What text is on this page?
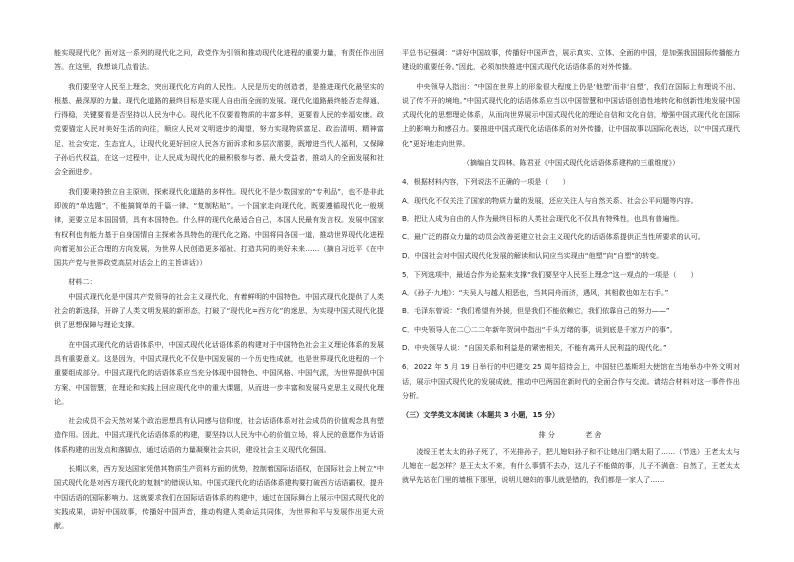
能实现现代化？面对这一系列的现代化之问，政党作为引领和推动现代化进程的重要力量，有责任作出回答。在这里，我想谈几点看法。

我们要坚守人民至上理念，突出现代化方向的人民性。人民是历史的创造者，是推进现代化最坚实的根基、最深厚的力量。现代化道路的最终目标是实现人自由而全面的发展。现代化道路最终能否走得通、行得稳，关键要看是否坚持以人民为中心。现代化不仅要看物质的丰富多样，更要看人民的幸福安康。政党要锚定人民对美好生活的向往，顺应人民对文明进步的渴望，努力实现物质富足、政治清明、精神富足、社会安定、生态宜人，让现代化更好回应人民各方面诉求和多层次需要，既增进当代人福利，又保障子孙后代权益，在这一过程中，让人民成为现代化的最积极参与者、最大受益者，推动人的全面发展和社会全面进步。

我们要秉持独立自主原则，探索现代化道路的多样性。现代化不是少数国家的“专利品”，也不是非此即彼的“单选题”，不能搞简单的千篇一律、“复制粘贴”。一个国家走向现代化，既要遵循现代化一般规律，更要立足本国国情，具有本国特色。什么样的现代化最适合自己，本国人民最有发言权。发展中国家有权利也有能力基于自身国情自主探索各具特色的现代化之路。中国将同各国一道，推动世界现代化进程向着更加公正合理的方向发展，为世界人民创造更多福祉、打造共同的美好未来……（摘自习近平《在中国共产党与世界政党高层对话会上的主旨讲话》）

材料二：

中国式现代化是中国共产党领导的社会主义现代化，有着鲜明的中国特色。中国式现代化提供了人类社会的新选择，开辟了人类文明发展的新形态，打破了“现代化=西方化”的迷思，为实现中国式现代化提供了思想保障与理论支撑。

在中国式现代化的话语体系中，中国式现代化话语体系的构建对于中国特色社会主义理论体系的发展具有重要意义。这是因为，中国式现代化不仅是中国发展的一个历史性成就，也是世界现代化进程的一个重要组成部分。中国式现代化的话语体系应当充分体现中国特色、中国风格、中国气派，为世界提供中国方案、中国智慧，在理论和实践上回应现代化中的重大课题，从而进一步丰富和发展马克思主义现代化理论。

社会成员不会天然对某个政治思想具有认同感与信仰度，社会话语体系对社会成员的价值观念具有塑造作用。因此，中国式现代化话语体系的构建，要坚持以人民为中心的价值立场，将人民的意愿作为话语体系构建的出发点和落脚点，通过话语的力量凝聚社会共识，建设社会主义现代化强国。

长期以来，西方发达国家凭借其物质生产资料方面的优势，控制着国际话语权，在国际社会上树立“中国式现代化是对西方现代化的复制”的错误认知。中国式现代化的话语体系建构要打破西方话语霸权，提升中国话语的国际影响力。这就要求我们在国际话语体系的构建中，通过在国际舞台上展示中国式现代化的实践成果，讲好中国故事，传播好中国声音，推动构建人类命运共同体，为世界和平与发展作出更大贡献。

平总书记强调：“讲好中国故事，传播好中国声音，展示真实、立体、全面的中国，是加强我国国际传播能力建设的重要任务。”因此，必须加快推进中国式现代化话语体系的对外传播。

中央领导人指出：“中国在世界上的形象很大程度上仍是‘他塑’而非‘自塑’，我们在国际上有理说不出、说了传不开的境地。”中国式现代化的话语体系应当以中国智慧和中国话语创造性地转化和创新性地发展中国式现代化的思想理论体系，从而向世界展示中国式现代化的理论自信和文化自信，增强中国式现代化在国际上的影响力和感召力。要推进中国式现代化话语体系的对外传播，让中国故事以国际化表达，以“中国式现代化”更好地走向世界。

（摘编自艾四林、陈君亚《中国式现代化话语体系建构的三重维度》）

4．根据材料内容，下列说法不正确的一项是（　　）

A．现代化不仅关注了国家的物质力量的发展，还应关注人与自然关系、社会公平问题等内容。

B．把让人成为自由的人作为最终目标的人类社会现代化不仅具有特殊性，也具有普遍性。

C．最广泛的群众力量的动员会改善更建立社会主义现代化的话语体系提供正当性所要求的认可。

D．中国社会对中国式现代化发展的解读和认同应当实现由“他塑”向“自塑”的转变。

5．下列选项中，最适合作为论据来支撑“我们要坚守人民至上理念”这一观点的一项是（　　）

A．《孙子·九地》：“夫吴人与越人相恶也，当其同舟而济，遇风，其相救也如左右手。”

B．毛泽东曾说：“我们希望有外援，但是我们不能依赖它，我们依靠自己的努力——”

C．中央领导人在二〇二二年新年贺词中指出“千头万绪的事，说到底是千家万户的事”。

D．中央领导人说：“自国关系和利益是的紧密相关，不能有离开人民利益的现代化。”

6．2022 年 5 月 19 日举行的中巴建交 25 周年招待会上，中国驻巴基斯坦大使馆在当地举办中外文明对话，展示中国式现代化的发展成就，推动中巴两国在新时代的全面合作与交流。请结合材料对这一事件作出分析。

（三）文学类文本阅读（本题共 3 小题，15 分）

排分	老舍

凌绥王老太太的孙子死了，不光排孙子，把儿媳妇孙子和不让她出门晒太阳了……（节选）王老太太与儿媳在一起怎样？是王太太不来，有什么事情不去办，这儿子不能做的事，儿子不满意：自然了，王老太太就早先站在门里的墙根下那里，说明儿媳妇的事儿就是错的，我们都是一家人了……
